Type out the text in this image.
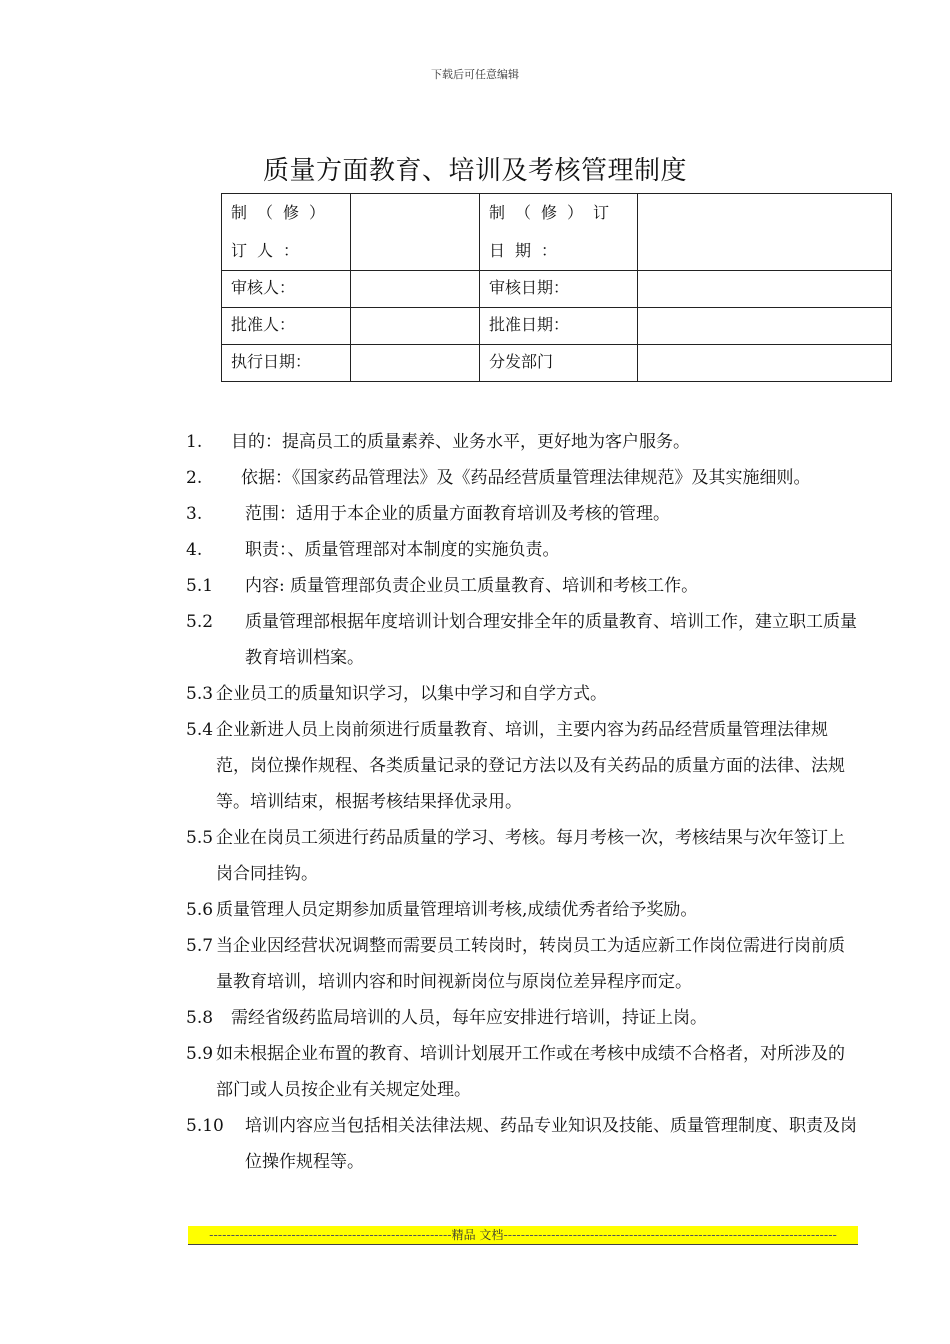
下载后可任意编辑
质量方面教育、培训及考核管理制度
制（修）订人：		制（修）订日期：	
审核人：		审核日期：	
批准人：		批准日期：	
执行日期：		分发部门	
1. 目的：提高员工的质量素养、业务水平，更好地为客户服务。
2. 依据：《国家药品管理法》及《药品经营质量管理法律规范》及其实施细则。
3.	范围：适用于本企业的质量方面教育培训及考核的管理。
4.	职责：、质量管理部对本制度的实施负责。
5.1 内容: 质量管理部负责企业员工质量教育、培训和考核工作。
5.2 质量管理部根据年度培训计划合理安排全年的质量教育、培训工作，建立职工质量教育培训档案。
5.3 企业员工的质量知识学习，以集中学习和自学方式。
5.4 企业新进人员上岗前须进行质量教育、培训，主要内容为药品经营质量管理法律规范，岗位操作规程、各类质量记录的登记方法以及有关药品的质量方面的法律、法规等。培训结束，根据考核结果择优录用。
5.5 企业在岗员工须进行药品质量的学习、考核。每月考核一次，考核结果与次年签订上岗合同挂钩。
5.6 质量管理人员定期参加质量管理培训考核,成绩优秀者给予奖励。
5.7 当企业因经营状况调整而需要员工转岗时，转岗员工为适应新工作岗位需进行岗前质量教育培训，培训内容和时间视新岗位与原岗位差异程序而定。
5.8 需经省级药监局培训的人员，每年应安排进行培训，持证上岗。
5.9 如未根据企业布置的教育、培训计划展开工作或在考核中成绩不合格者，对所涉及的部门或人员按企业有关规定处理。
5.10 培训内容应当包括相关法律法规、药品专业知识及技能、质量管理制度、职责及岗位操作规程等。
--------------------------------------------------------精品 文档-----------------------------------------------------------------------------
